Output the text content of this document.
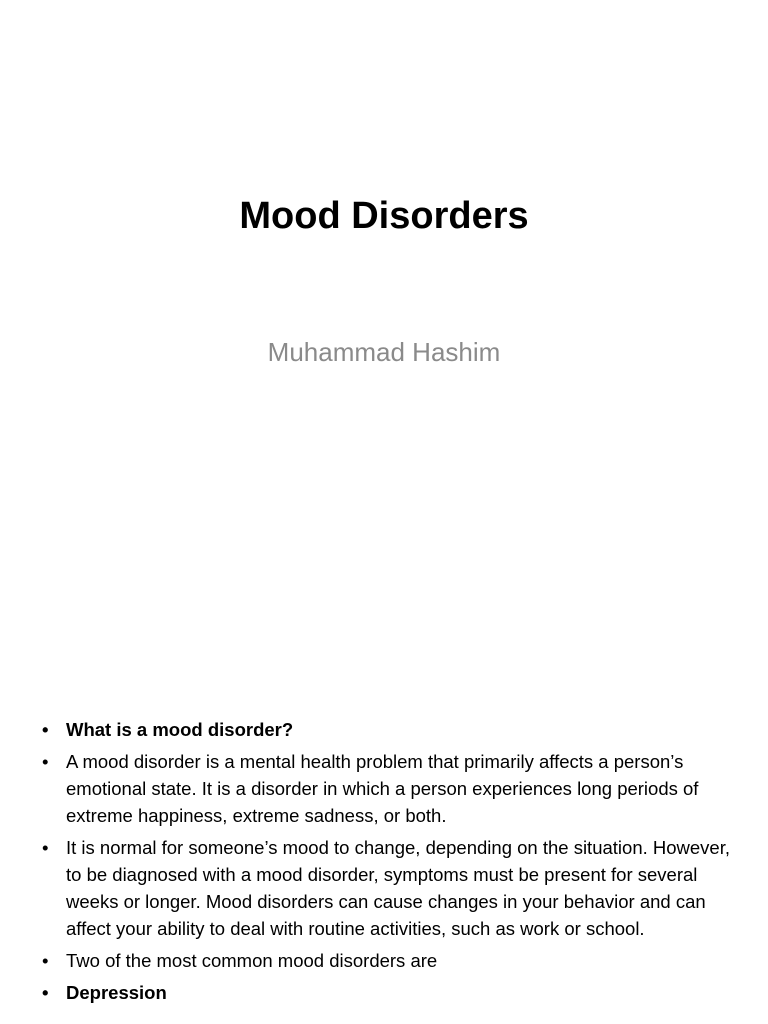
Mood Disorders

Muhammad Hashim

• What is a mood disorder?
• A mood disorder is a mental health problem that primarily affects a person’s emotional state. It is a disorder in which a person experiences long periods of extreme happiness, extreme sadness, or both.
• It is normal for someone’s mood to change, depending on the situation. However, to be diagnosed with a mood disorder, symptoms must be present for several weeks or longer. Mood disorders can cause changes in your behavior and can affect your ability to deal with routine activities, such as work or school.
• Two of the most common mood disorders are
• Depression
